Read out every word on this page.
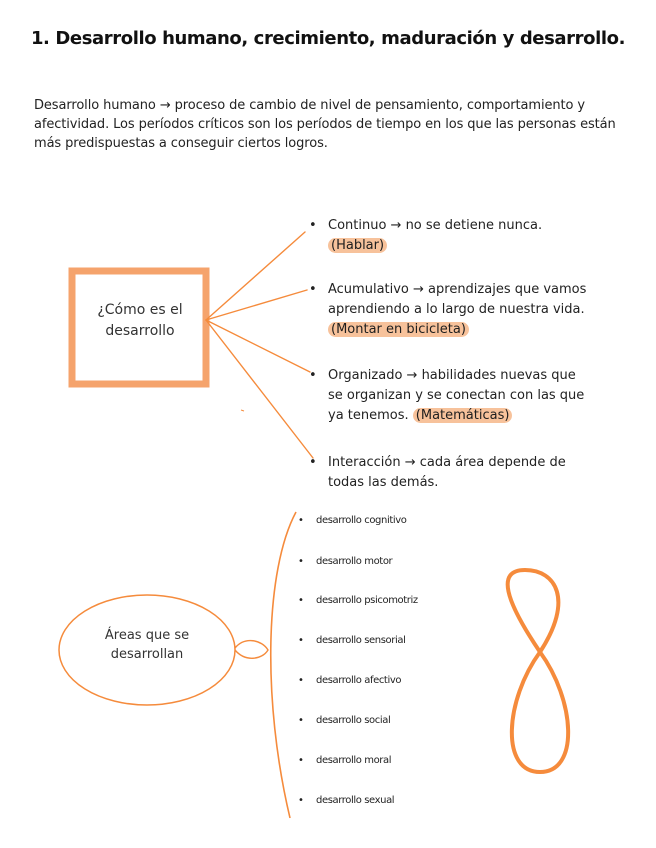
1. Desarrollo humano, crecimiento, maduración y desarrollo.
Desarrollo humano → proceso de cambio de nivel de pensamiento, comportamiento y afectividad. Los períodos críticos son los períodos de tiempo en los que las personas están más predispuestas a conseguir ciertos logros.
¿Cómo es el desarrollo
• Continuo → no se detiene nunca. (Hablar)
• Acumulativo → aprendizajes que vamos aprendiendo a lo largo de nuestra vida. (Montar en bicicleta)
• Organizado → habilidades nuevas que se organizan y se conectan con las que ya tenemos. (Matemáticas)
• Interacción → cada área depende de todas las demás.
Áreas que se desarrollan
• desarrollo cognitivo
• desarrollo motor
• desarrollo psicomotriz
• desarrollo sensorial
• desarrollo afectivo
• desarrollo social
• desarrollo moral
• desarrollo sexual
